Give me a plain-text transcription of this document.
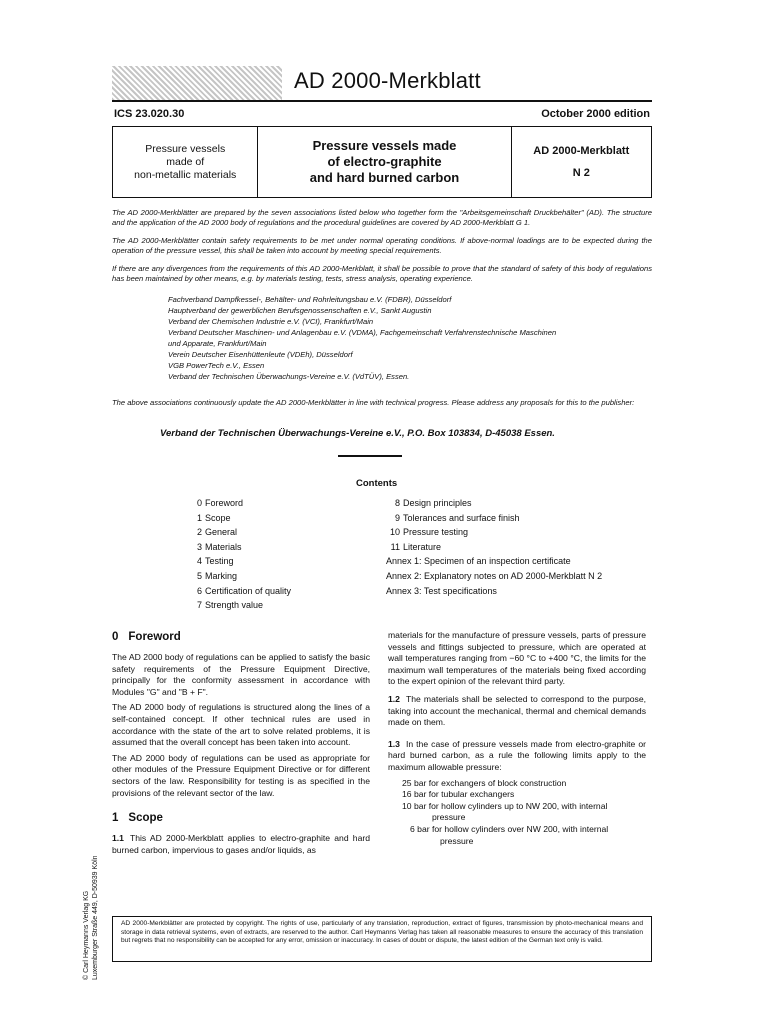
AD 2000-Merkblatt
ICS 23.020.30	October 2000 edition
Pressure vessels
made of
non-metallic materials
Pressure vessels made
of electro-graphite
and hard burned carbon
AD 2000-Merkblatt
N 2
The AD 2000-Merkblätter are prepared by the seven associations listed below who together form the "Arbeitsgemeinschaft Druckbehälter" (AD). The structure and the application of the AD 2000 body of regulations and the procedural guidelines are covered by AD 2000-Merkblatt G 1.
The AD 2000-Merkblätter contain safety requirements to be met under normal operating conditions. If above-normal loadings are to be expected during the operation of the pressure vessel, this shall be taken into account by meeting special requirements.
If there are any divergences from the requirements of this AD 2000-Merkblatt, it shall be possible to prove that the standard of safety of this body of regulations has been maintained by other means, e.g. by materials testing, tests, stress analysis, operating experience.
Fachverband Dampfkessel-, Behälter- und Rohrleitungsbau e.V. (FDBR), Düsseldorf
Hauptverband der gewerblichen Berufsgenossenschaften e.V., Sankt Augustin
Verband der Chemischen Industrie e.V. (VCI), Frankfurt/Main
Verband Deutscher Maschinen- und Anlagenbau e.V. (VDMA), Fachgemeinschaft Verfahrenstechnische Maschinen
und Apparate, Frankfurt/Main
Verein Deutscher Eisenhüttenleute (VDEh), Düsseldorf
VGB PowerTech e.V., Essen
Verband der Technischen Überwachungs-Vereine e.V. (VdTÜV), Essen.
The above associations continuously update the AD 2000-Merkblätter in line with technical progress. Please address any proposals for this to the publisher:
Verband der Technischen Überwachungs-Vereine e.V., P.O. Box 103834, D-45038 Essen.
Contents
0 Foreword
1 Scope
2 General
3 Materials
4 Testing
5 Marking
6 Certification of quality
7 Strength value
8 Design principles
9 Tolerances and surface finish
10 Pressure testing
11 Literature
Annex 1: Specimen of an inspection certificate
Annex 2: Explanatory notes on AD 2000-Merkblatt N 2
Annex 3: Test specifications
0 Foreword

The AD 2000 body of regulations can be applied to satisfy the basic safety requirements of the Pressure Equipment Directive, principally for the conformity assessment in accordance with Modules "G" and "B + F".

The AD 2000 body of regulations is structured along the lines of a self-contained concept. If other technical rules are used in accordance with the state of the art to solve related problems, it is assumed that the overall concept has been taken into account.

The AD 2000 body of regulations can be used as appropriate for other modules of the Pressure Equipment Directive or for different sectors of the law. Responsibility for testing is as specified in the provisions of the relevant sector of the law.

1 Scope

1.1 This AD 2000-Merkblatt applies to electro-graphite and hard burned carbon, impervious to gases and/or liquids, as

materials for the manufacture of pressure vessels, parts of pressure vessels and fittings subjected to pressure, which are operated at wall temperatures ranging from −60 °C to +400 °C, the limits for the maximum wall temperatures of the materials being fixed according to the expert opinion of the relevant third party.

1.2 The materials shall be selected to correspond to the purpose, taking into account the mechanical, thermal and chemical demands made on them.

1.3 In the case of pressure vessels made from electro-graphite or hard burned carbon, as a rule the following limits apply to the maximum allowable pressure:

25 bar for exchangers of block construction
16 bar for tubular exchangers
10 bar for hollow cylinders up to NW 200, with internal
pressure
6 bar for hollow cylinders over NW 200, with internal
pressure
AD 2000-Merkblätter are protected by copyright. The rights of use, particularly of any translation, reproduction, extract of figures, transmission by photo-mechanical means and storage in data retrieval systems, even of extracts, are reserved to the author. Carl Heymanns Verlag has taken all reasonable measures to ensure the accuracy of this translation but regrets that no responsibility can be accepted for any error, omission or inaccuracy. In cases of doubt or dispute, the latest edition of the German text only is valid.
© Carl Heymanns Verlag KG Luxemburger Straße 449, D-50939 Köln
